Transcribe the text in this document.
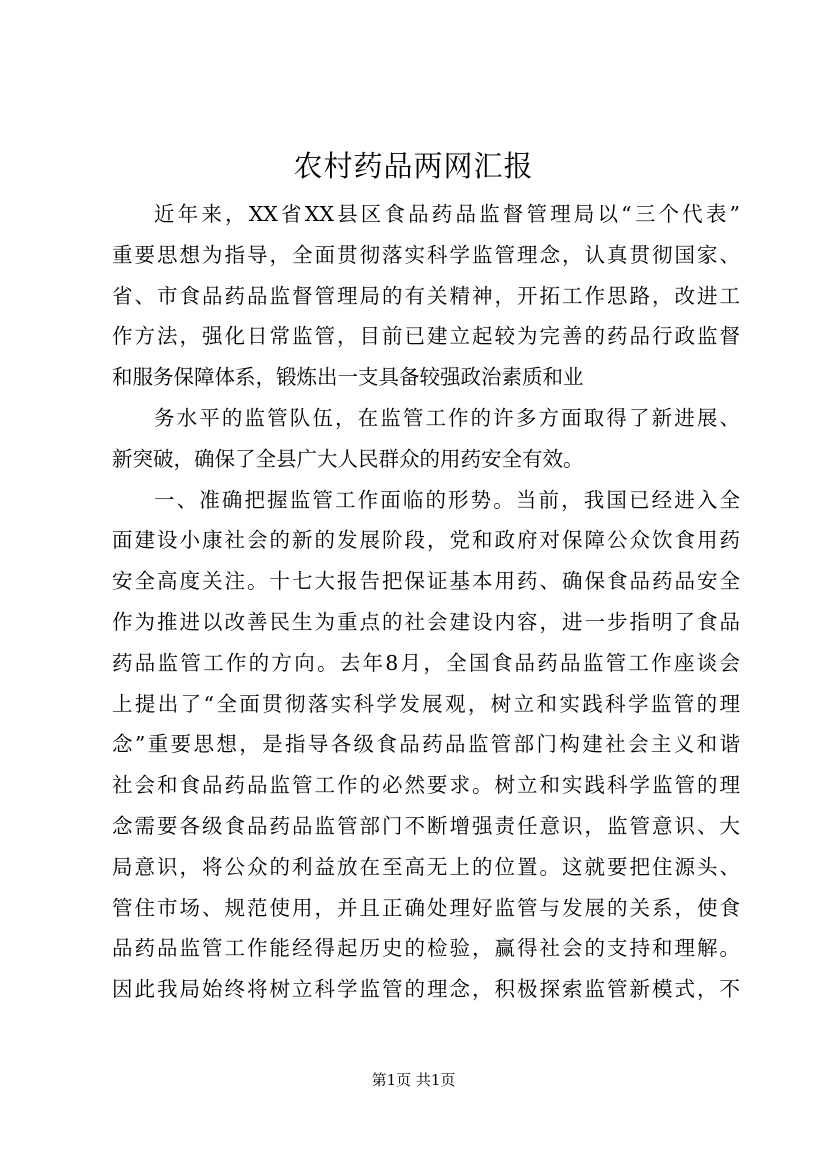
农村药品两网汇报
近年来，XX省XX县区食品药品监督管理局以“三个代表”
重要思想为指导，全面贯彻落实科学监管理念，认真贯彻国家、
省、市食品药品监督管理局的有关精神，开拓工作思路，改进工
作方法，强化日常监管，目前已建立起较为完善的药品行政监督
和服务保障体系，锻炼出一支具备较强政治素质和业
务水平的监管队伍，在监管工作的许多方面取得了新进展、
新突破，确保了全县广大人民群众的用药安全有效。
一、准确把握监管工作面临的形势。当前，我国已经进入全
面建设小康社会的新的发展阶段，党和政府对保障公众饮食用药
安全高度关注。十七大报告把保证基本用药、确保食品药品安全
作为推进以改善民生为重点的社会建设内容，进一步指明了食品
药品监管工作的方向。去年8月，全国食品药品监管工作座谈会
上提出了“全面贯彻落实科学发展观，树立和实践科学监管的理
念”重要思想，是指导各级食品药品监管部门构建社会主义和谐
社会和食品药品监管工作的必然要求。树立和实践科学监管的理
念需要各级食品药品监管部门不断增强责任意识，监管意识、大
局意识，将公众的利益放在至高无上的位置。这就要把住源头、
管住市场、规范使用，并且正确处理好监管与发展的关系，使食
品药品监管工作能经得起历史的检验，赢得社会的支持和理解。
因此我局始终将树立科学监管的理念，积极探索监管新模式，不
第1页 共1页
